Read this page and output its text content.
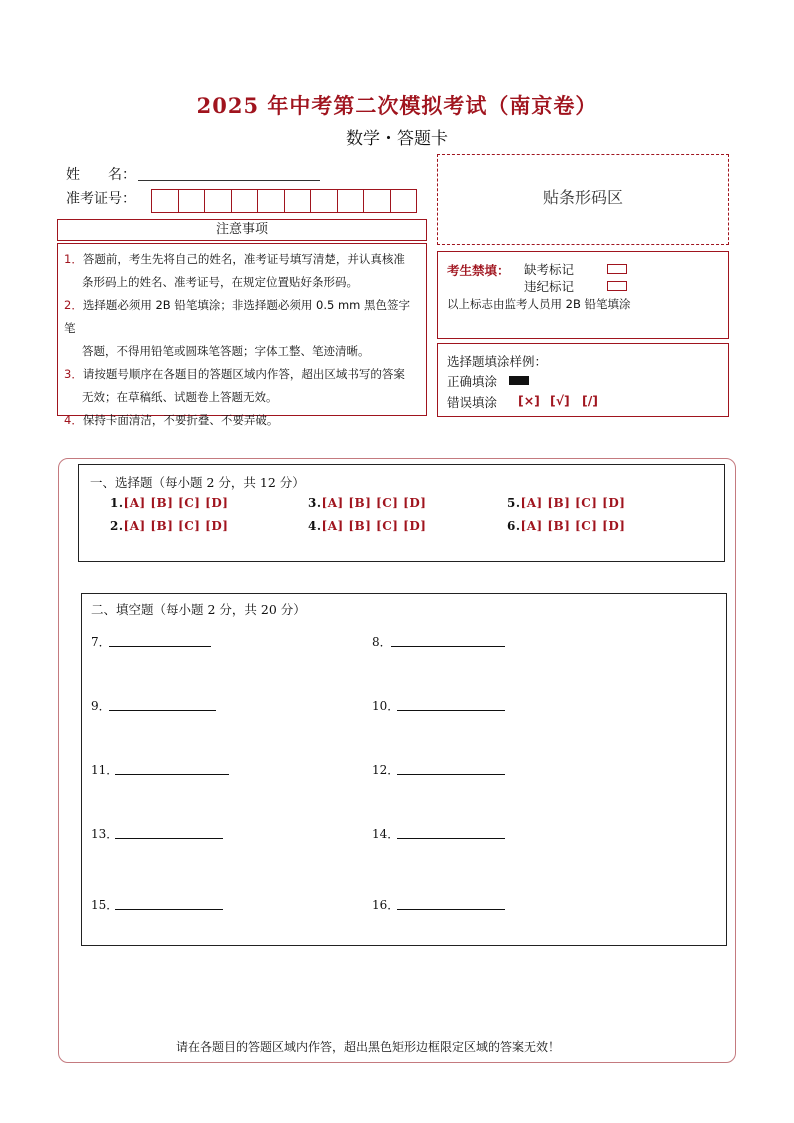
2025 年中考第二次模拟考试（南京卷）
数学・答题卡
姓　　名：
准考证号：
注意事项
1．答题前，考生先将自己的姓名，准考证号填写清楚，并认真核准
条形码上的姓名、准考证号，在规定位置贴好条形码。
2．选择题必须用 2B 铅笔填涂；非选择题必须用 0.5 mm 黑色签字笔
答题，不得用铅笔或圆珠笔答题；字体工整、笔迹清晰。
3．请按题号顺序在各题目的答题区域内作答，超出区域书写的答案
无效；在草稿纸、试题卷上答题无效。
4．保持卡面清洁，不要折叠、不要弄破。
贴条形码区
考生禁填： 缺考标记
违纪标记
以上标志由监考人员用 2B 铅笔填涂
选择题填涂样例：
正确填涂
错误填涂 [×] [√] [/]
一、选择题（每小题 2 分，共 12 分）
1.[A] [B] [C] [D]
2.[A] [B] [C] [D]
3.[A] [B] [C] [D]
4.[A] [B] [C] [D]
5.[A] [B] [C] [D]
6.[A] [B] [C] [D]
二、填空题（每小题 2 分，共 20 分）
7．	8．
9．	10．
11．	12．
13．	14．
15．	16．
请在各题目的答题区域内作答，超出黑色矩形边框限定区域的答案无效！
